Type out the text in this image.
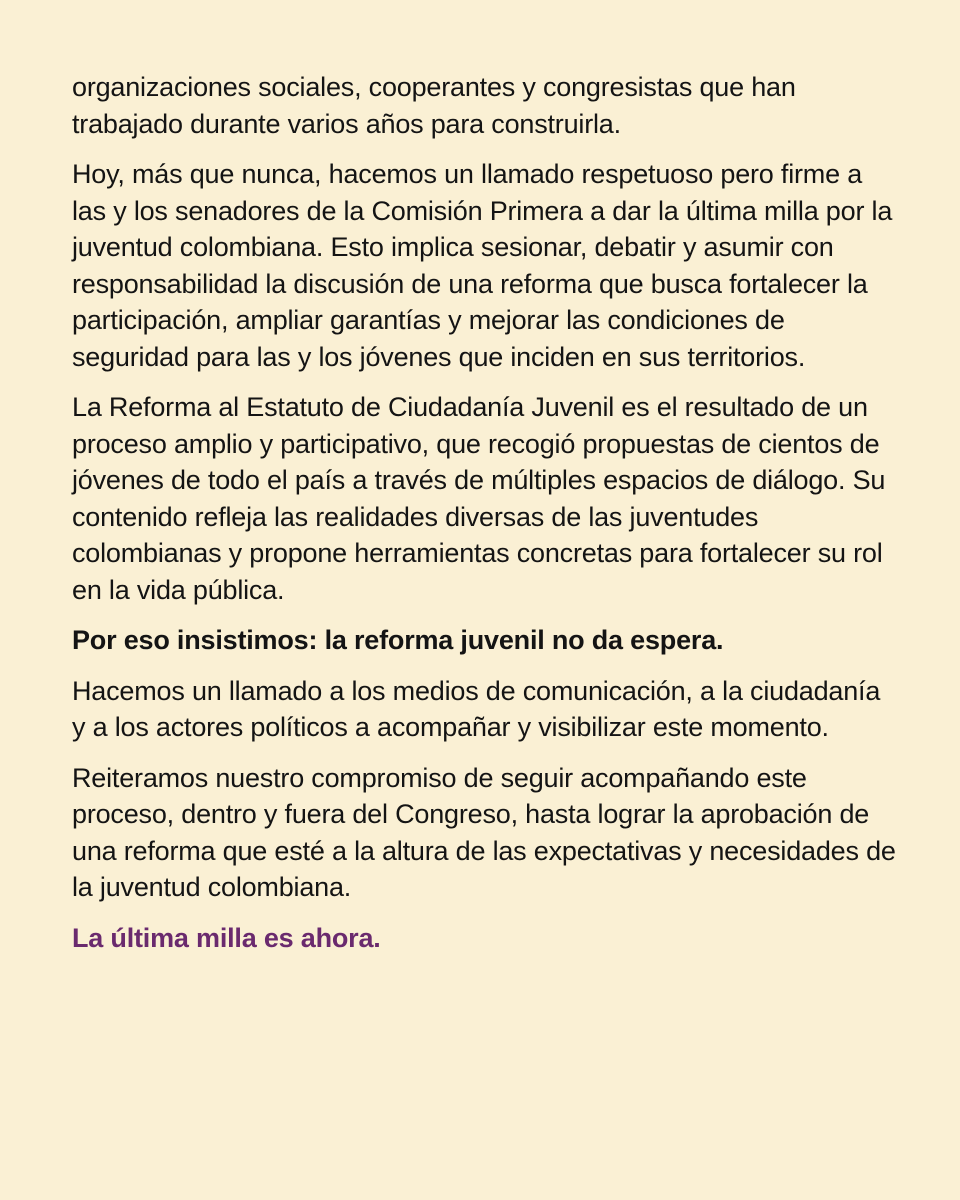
organizaciones sociales, cooperantes y congresistas que han trabajado durante varios años para construirla.

Hoy, más que nunca, hacemos un llamado respetuoso pero firme a las y los senadores de la Comisión Primera a dar la última milla por la juventud colombiana. Esto implica sesionar, debatir y asumir con responsabilidad la discusión de una reforma que busca fortalecer la participación, ampliar garantías y mejorar las condiciones de seguridad para las y los jóvenes que inciden en sus territorios.

La Reforma al Estatuto de Ciudadanía Juvenil es el resultado de un proceso amplio y participativo, que recogió propuestas de cientos de jóvenes de todo el país a través de múltiples espacios de diálogo. Su contenido refleja las realidades diversas de las juventudes colombianas y propone herramientas concretas para fortalecer su rol en la vida pública.

Por eso insistimos: la reforma juvenil no da espera.

Hacemos un llamado a los medios de comunicación, a la ciudadanía y a los actores políticos a acompañar y visibilizar este momento.

Reiteramos nuestro compromiso de seguir acompañando este proceso, dentro y fuera del Congreso, hasta lograr la aprobación de una reforma que esté a la altura de las expectativas y necesidades de la juventud colombiana.

La última milla es ahora.
